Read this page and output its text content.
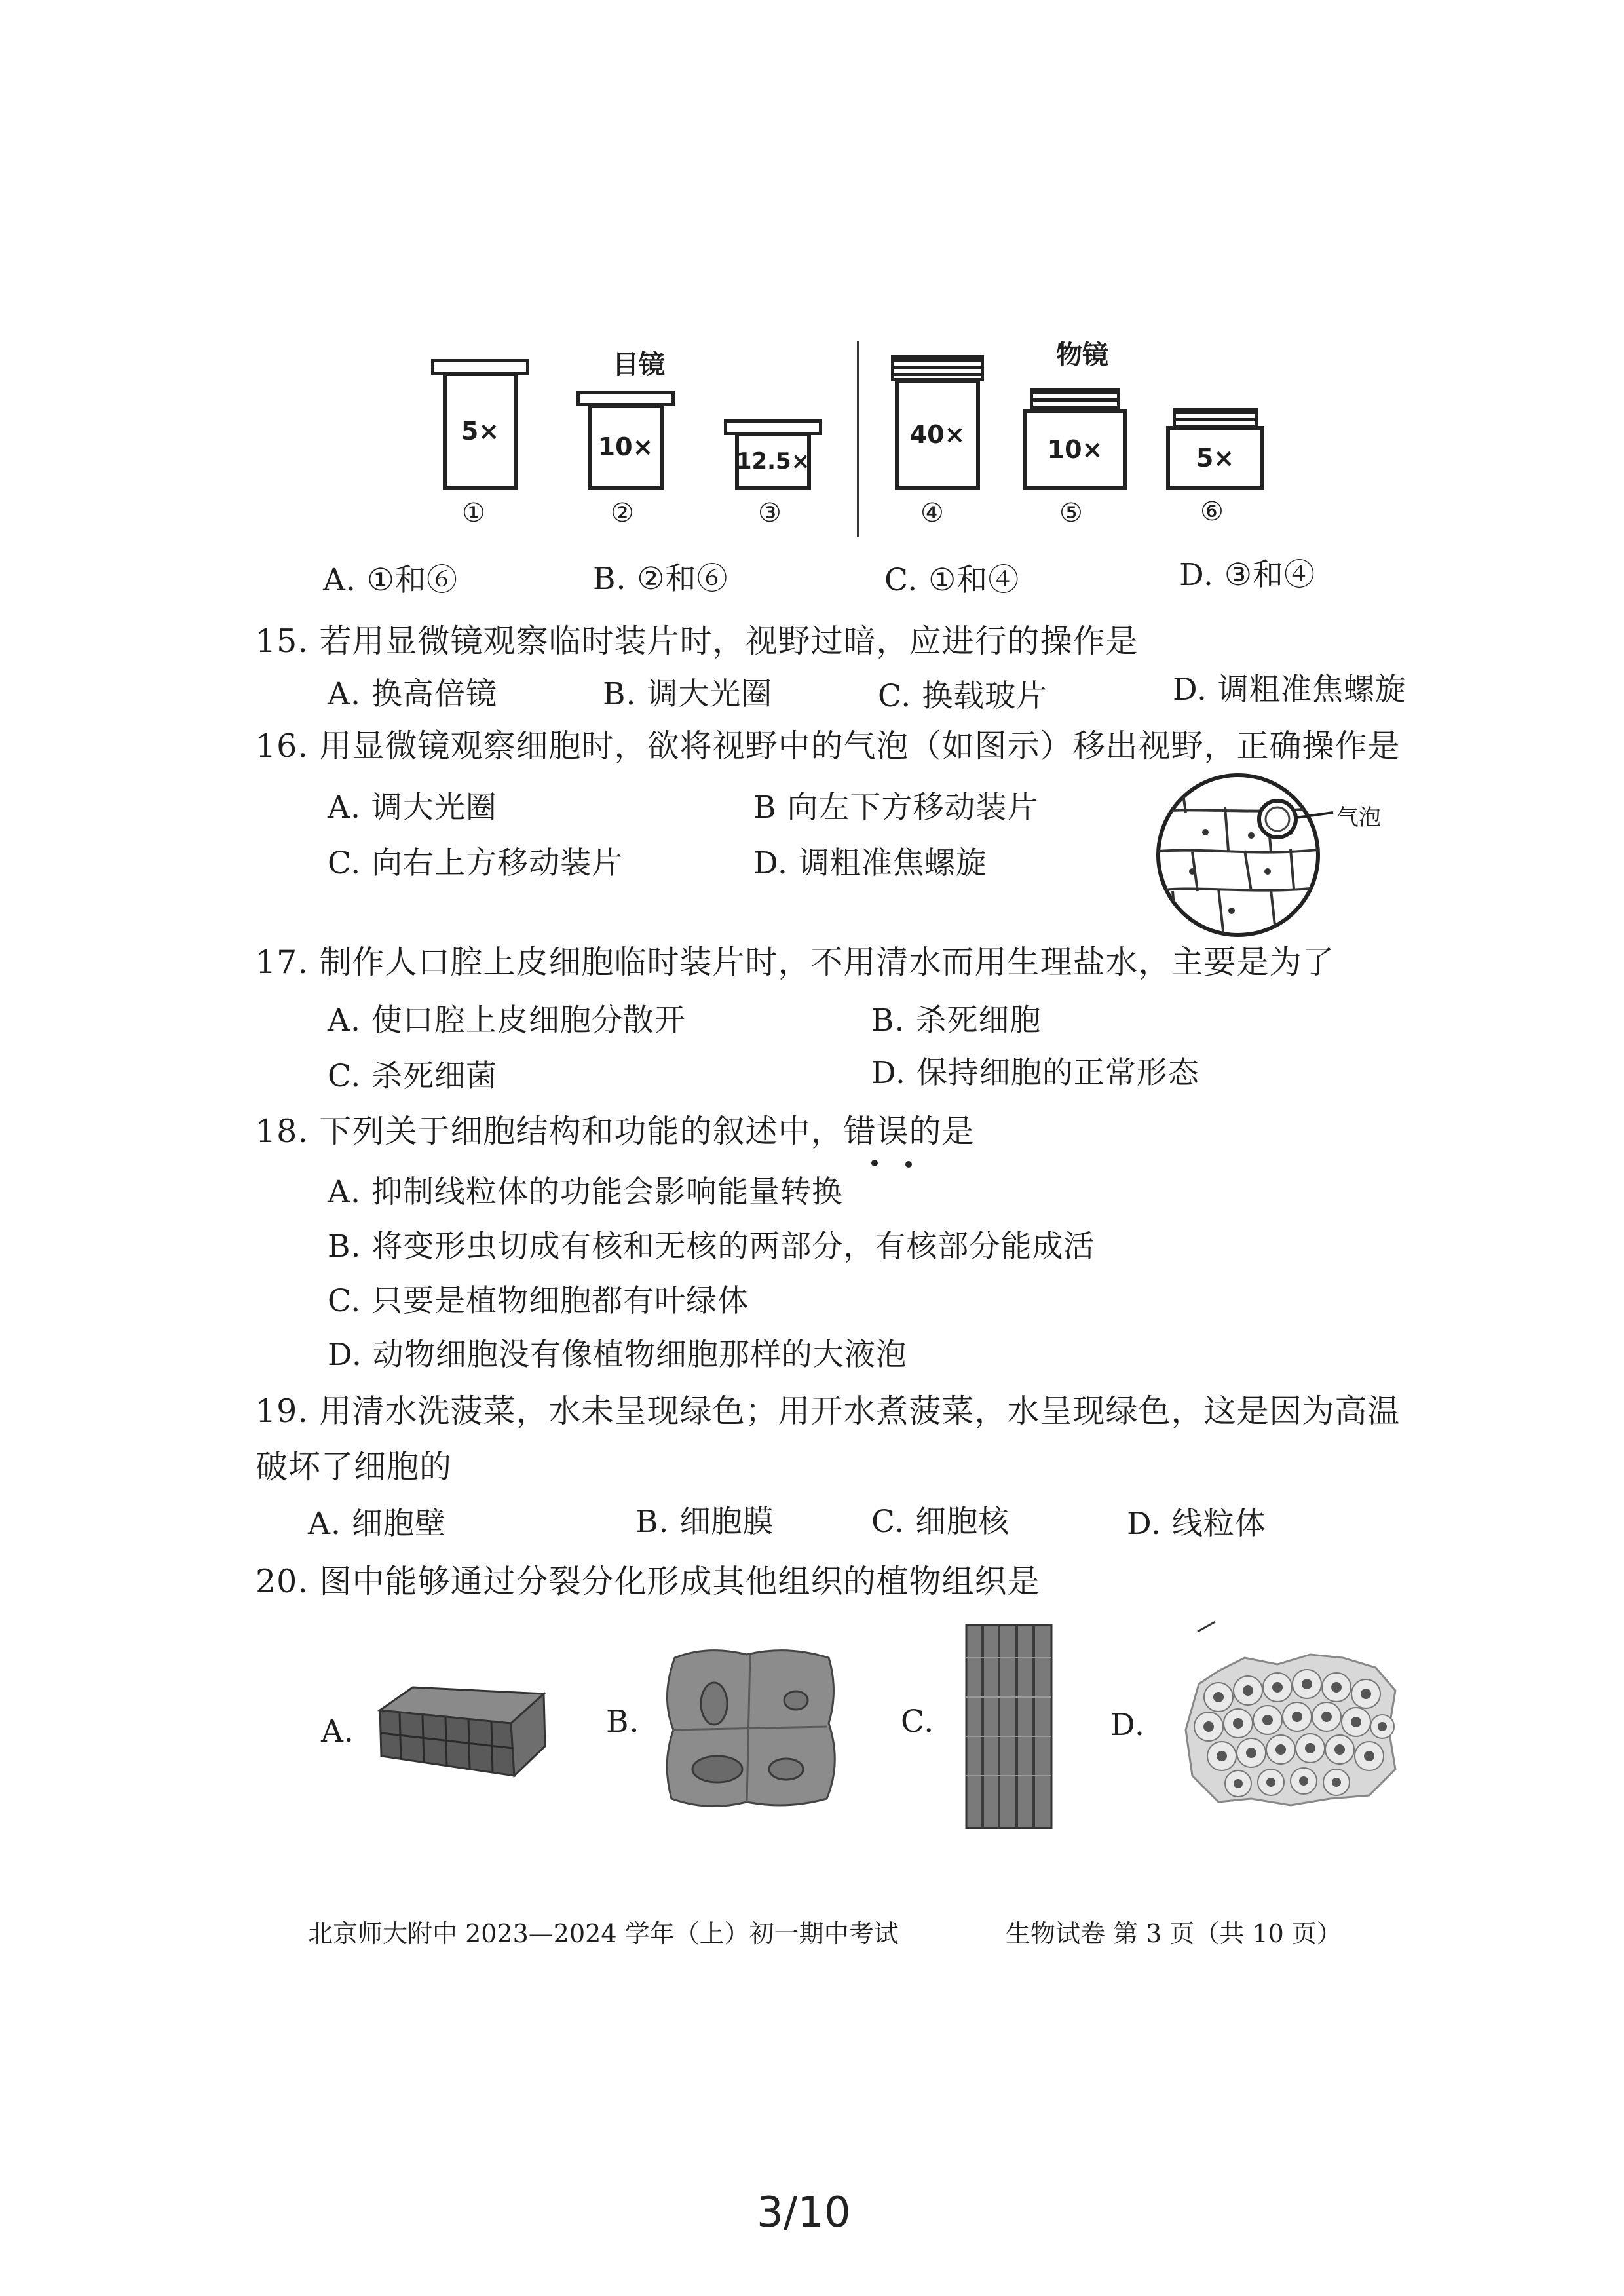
目镜	物镜
5×
10×	12.5×
40×
10×	5×
①	②	③	④	⑤	⑥
A. ①和⑥	B. ②和⑥	C. ①和④	D. ③和④
15. 若用显微镜观察临时装片时，视野过暗，应进行的操作是
A. 换高倍镜	B. 调大光圈	C. 换载玻片	D. 调粗准焦螺旋
16. 用显微镜观察细胞时，欲将视野中的气泡（如图示）移出视野，正确操作是
A. 调大光圈	B 向左下方移动装片
C. 向右上方移动装片	D. 调粗准焦螺旋
气泡
17. 制作人口腔上皮细胞临时装片时，不用清水而用生理盐水，主要是为了
A. 使口腔上皮细胞分散开	B. 杀死细胞
C. 杀死细菌	D. 保持细胞的正常形态
18. 下列关于细胞结构和功能的叙述中，错误的是
A. 抑制线粒体的功能会影响能量转换
B. 将变形虫切成有核和无核的两部分，有核部分能成活
C. 只要是植物细胞都有叶绿体
D. 动物细胞没有像植物细胞那样的大液泡
19. 用清水洗菠菜，水未呈现绿色；用开水煮菠菜，水呈现绿色，这是因为高温
破坏了细胞的
A. 细胞壁	B. 细胞膜	C. 细胞核	D. 线粒体
20. 图中能够通过分裂分化形成其他组织的植物组织是
A.	B.	C.	D.
北京师大附中 2023—2024 学年（上）初一期中考试	生物试卷 第 3 页（共 10 页）
3/10
